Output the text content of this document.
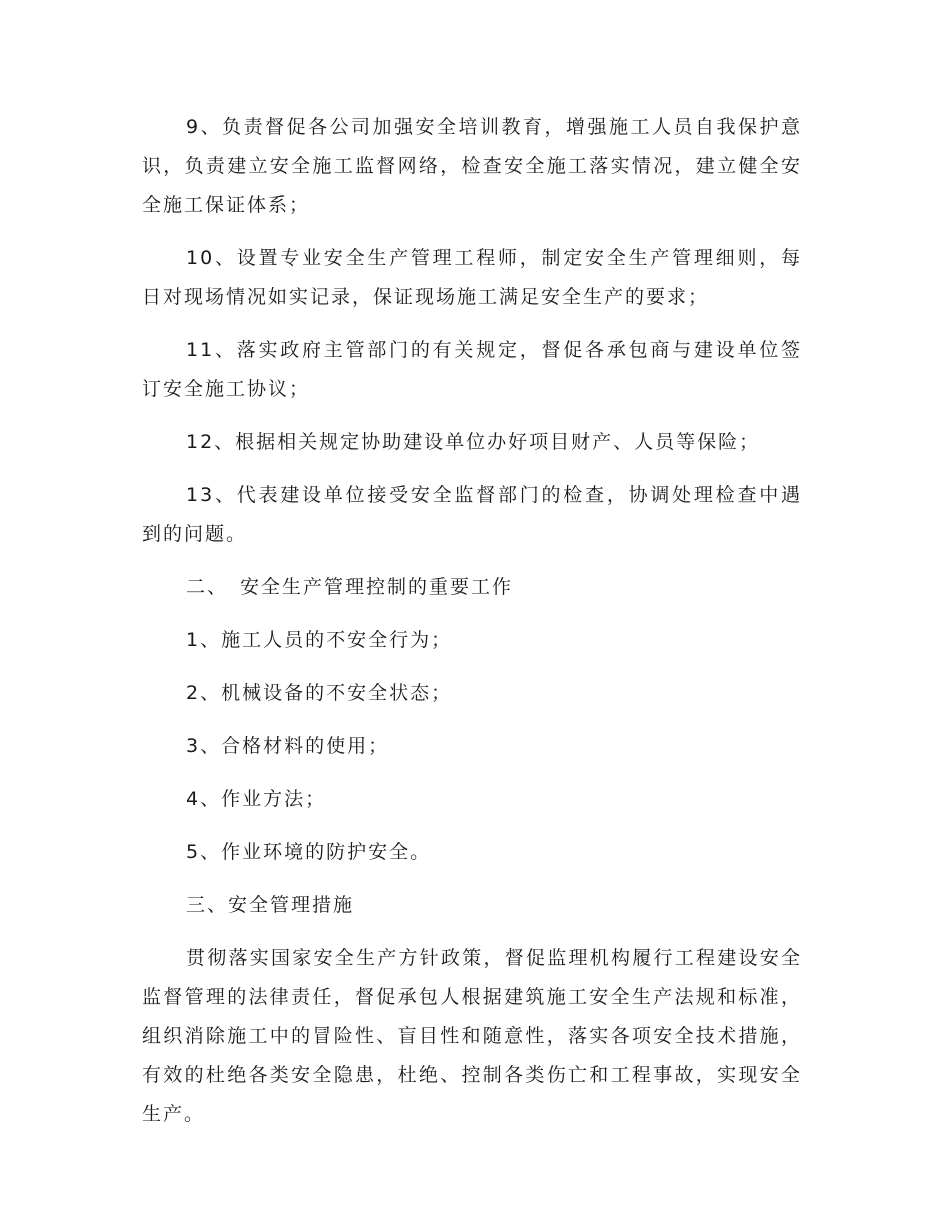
9、负责督促各公司加强安全培训教育，增强施工人员自我保护意识，负责建立安全施工监督网络，检查安全施工落实情况，建立健全安全施工保证体系；

10、设置专业安全生产管理工程师，制定安全生产管理细则，每日对现场情况如实记录，保证现场施工满足安全生产的要求；

11、落实政府主管部门的有关规定，督促各承包商与建设单位签订安全施工协议；

12、根据相关规定协助建设单位办好项目财产、人员等保险；

13、代表建设单位接受安全监督部门的检查，协调处理检查中遇到的问题。

二、 安全生产管理控制的重要工作

1、施工人员的不安全行为；

2、机械设备的不安全状态；

3、合格材料的使用；

4、作业方法；

5、作业环境的防护安全。

三、安全管理措施

贯彻落实国家安全生产方针政策，督促监理机构履行工程建设安全监督管理的法律责任，督促承包人根据建筑施工安全生产法规和标准，组织消除施工中的冒险性、盲目性和随意性，落实各项安全技术措施，有效的杜绝各类安全隐患，杜绝、控制各类伤亡和工程事故，实现安全生产。
